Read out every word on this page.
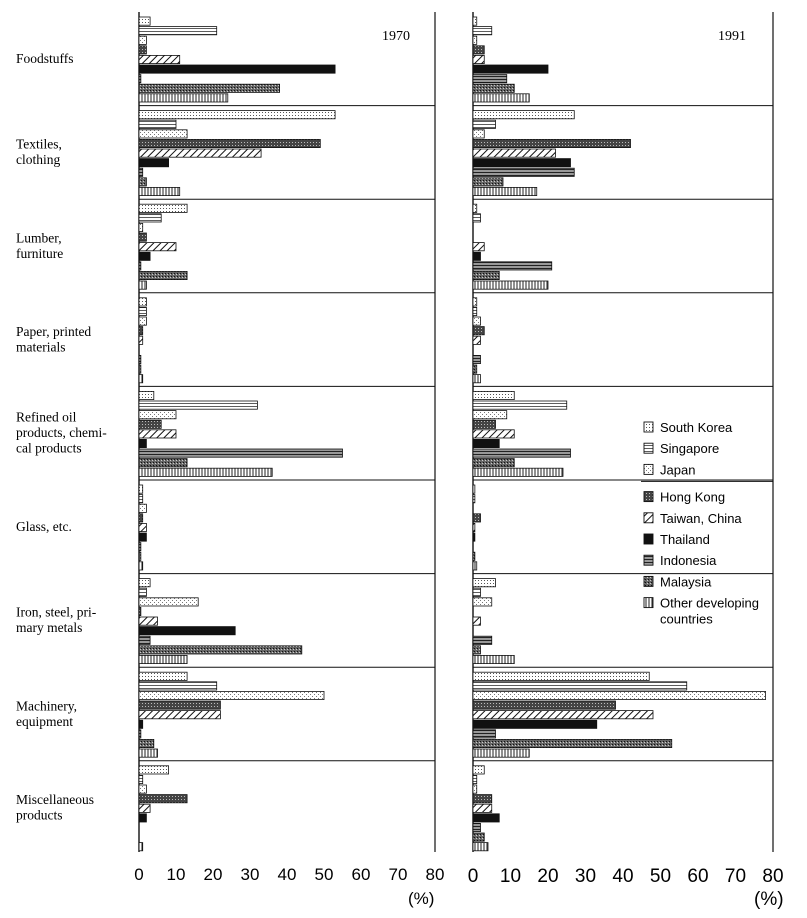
1970	1991
Foodstuffs
Textiles, clothing
Lumber, furniture
Paper, printed materials
Refined oil products, chemi-cal products
Glass, etc.
Iron, steel, pri-mary metals
Machinery, equipment
Miscellaneous products
South Korea
Singapore
Japan
Hong Kong
Taiwan, China
Thailand
Indonesia
Malaysia
Other developing countries
0 10 20 30 40 50 60 70 80 0 10 20 30 40 50 60 70 80
(%)	(%)
